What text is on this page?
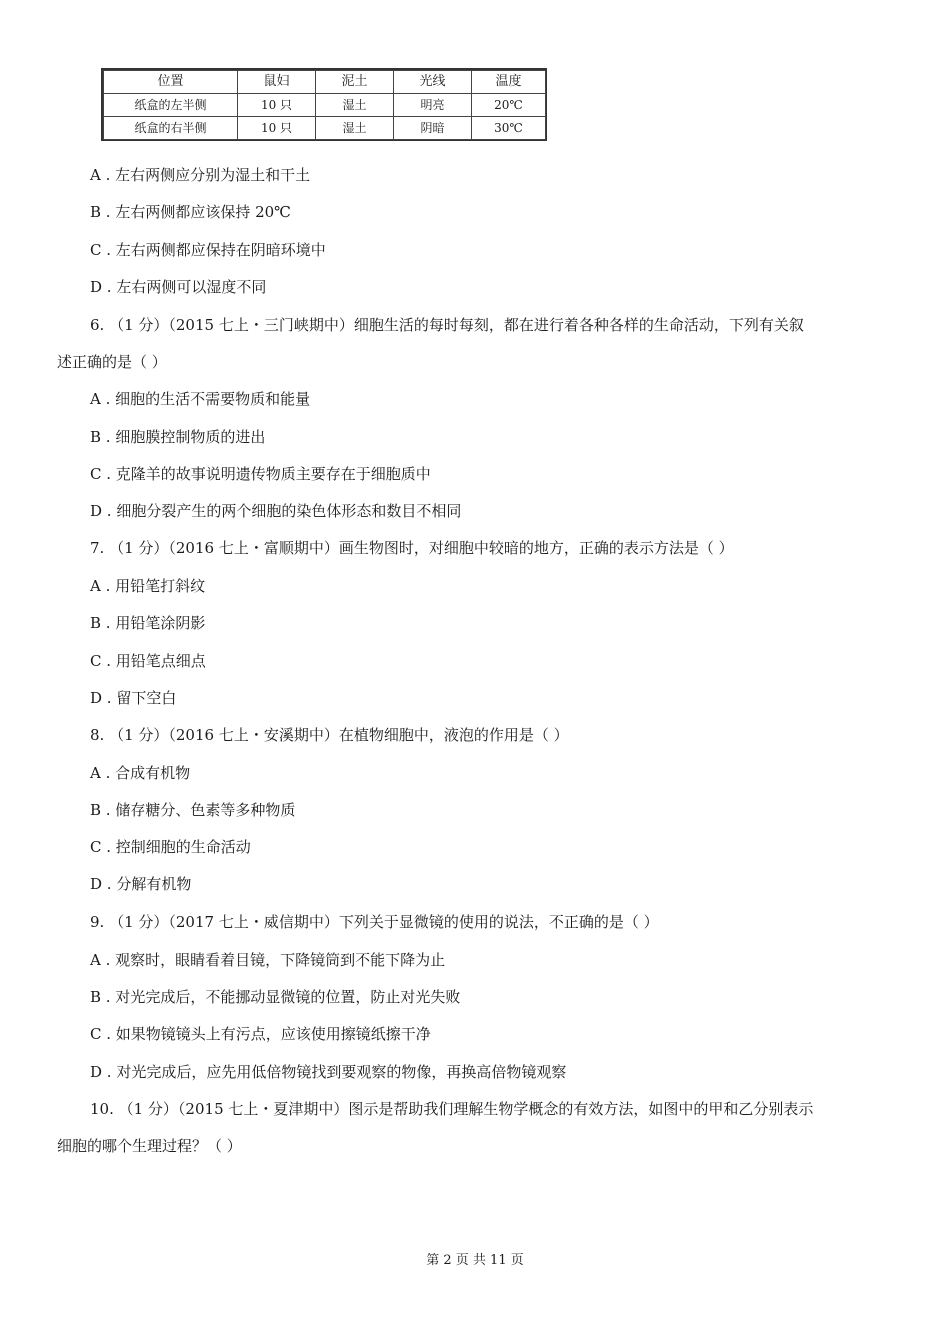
位置	鼠妇	泥土	光线	温度
纸盒的左半侧	10 只	湿土	明亮	20℃
纸盒的右半侧	10 只	湿土	阴暗	30℃
A . 左右两侧应分别为湿土和干土
B . 左右两侧都应该保持 20℃
C . 左右两侧都应保持在阴暗环境中
D . 左右两侧可以湿度不同
6. （1 分）（2015 七上・三门峡期中）细胞生活的每时每刻，都在进行着各种各样的生命活动，下列有关叙
述正确的是（ ）
A . 细胞的生活不需要物质和能量
B . 细胞膜控制物质的进出
C . 克隆羊的故事说明遗传物质主要存在于细胞质中
D . 细胞分裂产生的两个细胞的染色体形态和数目不相同
7. （1 分）（2016 七上・富顺期中）画生物图时，对细胞中较暗的地方，正确的表示方法是（ ）
A . 用铅笔打斜纹
B . 用铅笔涂阴影
C . 用铅笔点细点
D . 留下空白
8. （1 分）（2016 七上・安溪期中）在植物细胞中，液泡的作用是（ ）
A . 合成有机物
B . 储存糖分、色素等多种物质
C . 控制细胞的生命活动
D . 分解有机物
9. （1 分）（2017 七上・威信期中）下列关于显微镜的使用的说法，不正确的是（ ）
A . 观察时，眼睛看着目镜，下降镜筒到不能下降为止
B . 对光完成后，不能挪动显微镜的位置，防止对光失败
C . 如果物镜镜头上有污点，应该使用擦镜纸擦干净
D . 对光完成后，应先用低倍物镜找到要观察的物像，再换高倍物镜观察
10. （1 分）（2015 七上・夏津期中）图示是帮助我们理解生物学概念的有效方法，如图中的甲和乙分别表示
细胞的哪个生理过程？（ ）
第 2 页 共 11 页
